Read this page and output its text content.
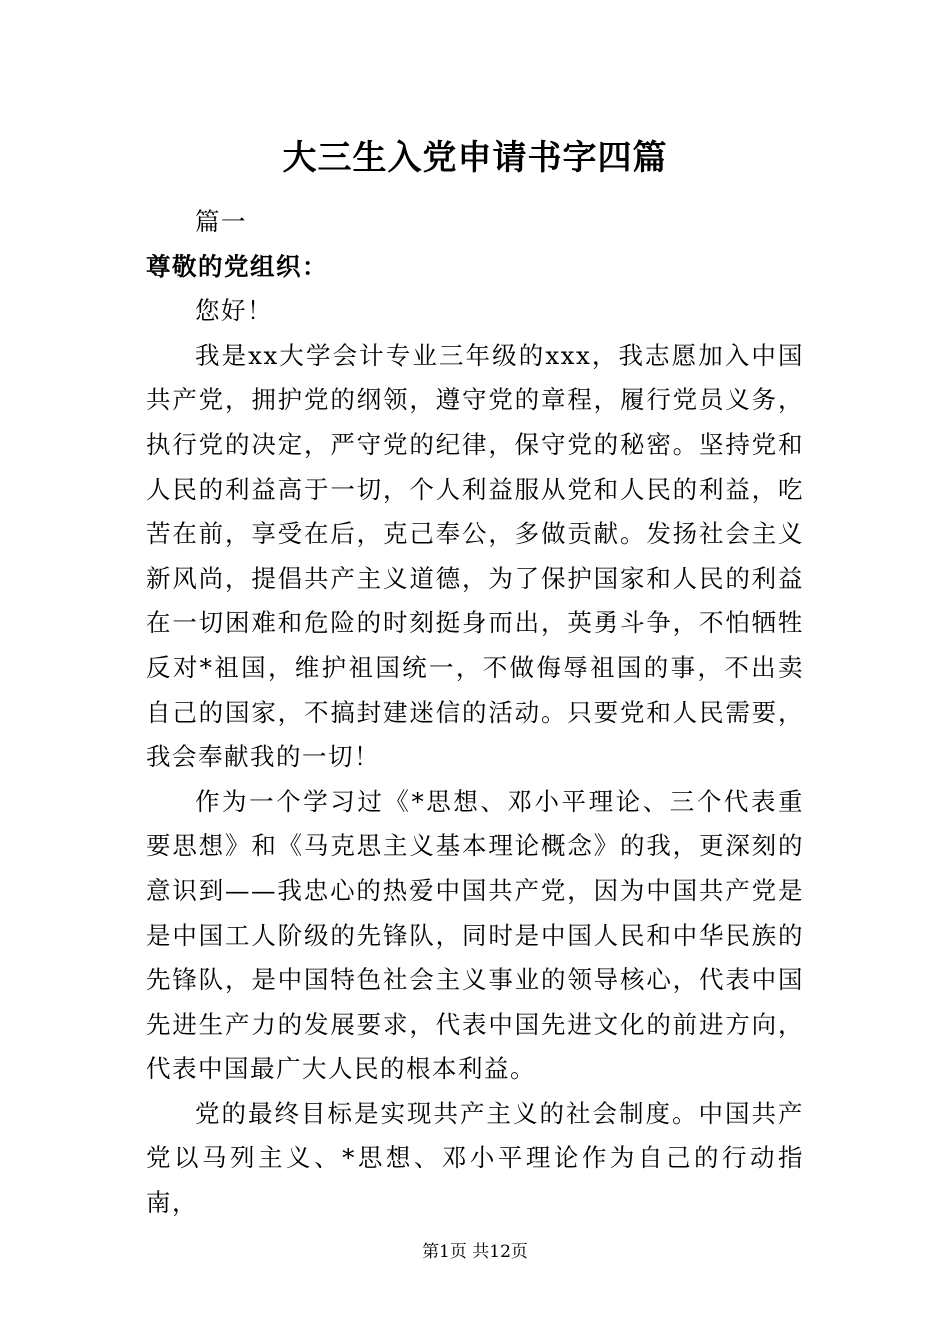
大三生入党申请书字四篇

篇一

尊敬的党组织：

您好！

我是xx大学会计专业三年级的xxx，我志愿加入中国共产党，拥护党的纲领，遵守党的章程，履行党员义务，执行党的决定，严守党的纪律，保守党的秘密。坚持党和人民的利益高于一切，个人利益服从党和人民的利益，吃苦在前，享受在后，克己奉公，多做贡献。发扬社会主义新风尚，提倡共产主义道德，为了保护国家和人民的利益在一切困难和危险的时刻挺身而出，英勇斗争，不怕牺牲反对*祖国，维护祖国统一，不做侮辱祖国的事，不出卖自己的国家，不搞封建迷信的活动。只要党和人民需要，我会奉献我的一切！

作为一个学习过《*思想、邓小平理论、三个代表重要思想》和《马克思主义基本理论概念》的我，更深刻的意识到——我忠心的热爱中国共产党，因为中国共产党是是中国工人阶级的先锋队，同时是中国人民和中华民族的先锋队，是中国特色社会主义事业的领导核心，代表中国先进生产力的发展要求，代表中国先进文化的前进方向，代表中国最广大人民的根本利益。

党的最终目标是实现共产主义的社会制度。中国共产党以马列主义、*思想、邓小平理论作为自己的行动指南，

第1页 共12页
